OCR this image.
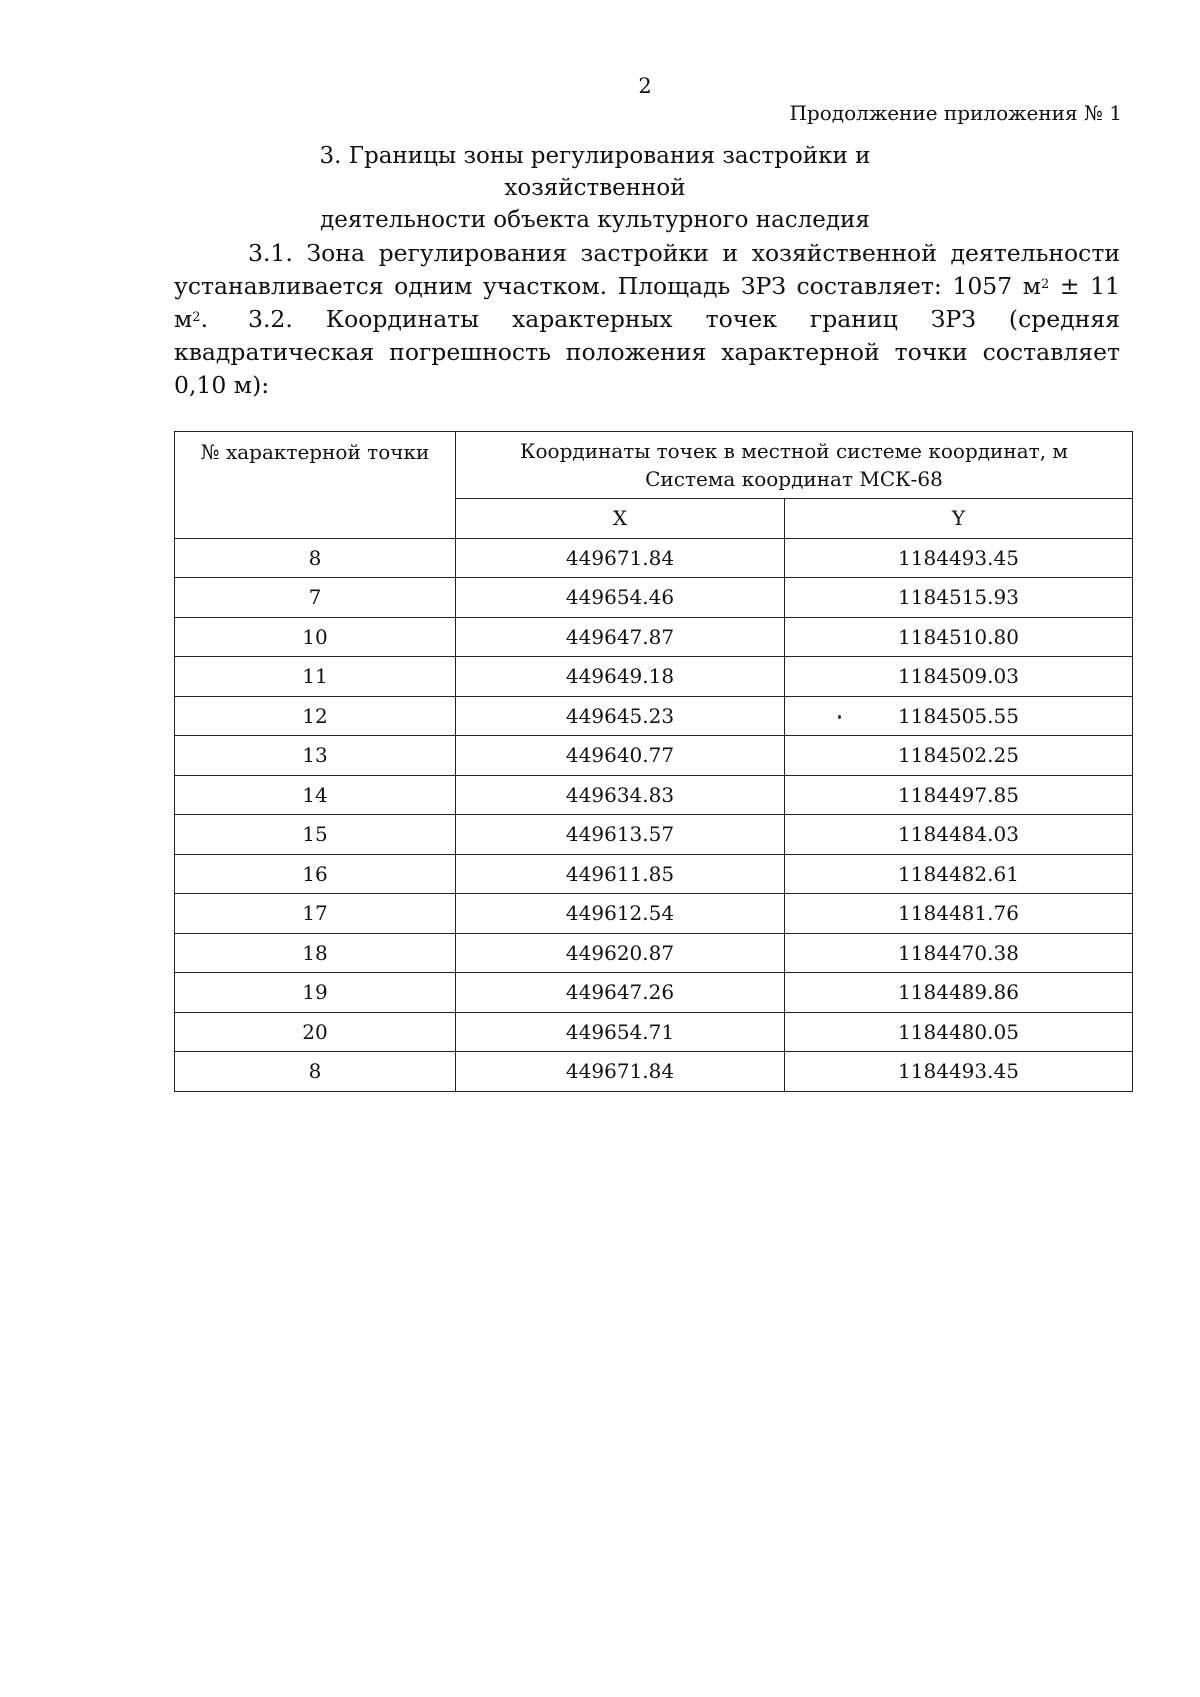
2
Продолжение приложения № 1
3. Границы зоны регулирования застройки и хозяйственной
деятельности объекта культурного наследия
3.1. Зона регулирования застройки и хозяйственной деятельности устанавливается одним участком. Площадь ЗРЗ составляет: 1057 $м^2 \pm 11$ $м^2$.	3.2. Координаты характерных точек границ ЗРЗ (средняя квадратическая погрешность положения характерной точки составляет 0,10 м):
№ характерной точки	Координаты точек в местной системе координат, м
Система координат МСК-68	

	X	Y
8	449671.84	1184493.45
7	449654.46	1184515.93
10	449647.87	1184510.80
11	449649.18	1184509.03
12	449645.23	1184505.55
13	449640.77	1184502.25
14	449634.83	1184497.85
15	449613.57	1184484.03
16	449611.85	1184482.61
17	449612.54	1184481.76
18	449620.87	1184470.38
19	449647.26	1184489.86
20	449654.71	1184480.05
8	449671.84	1184493.45
